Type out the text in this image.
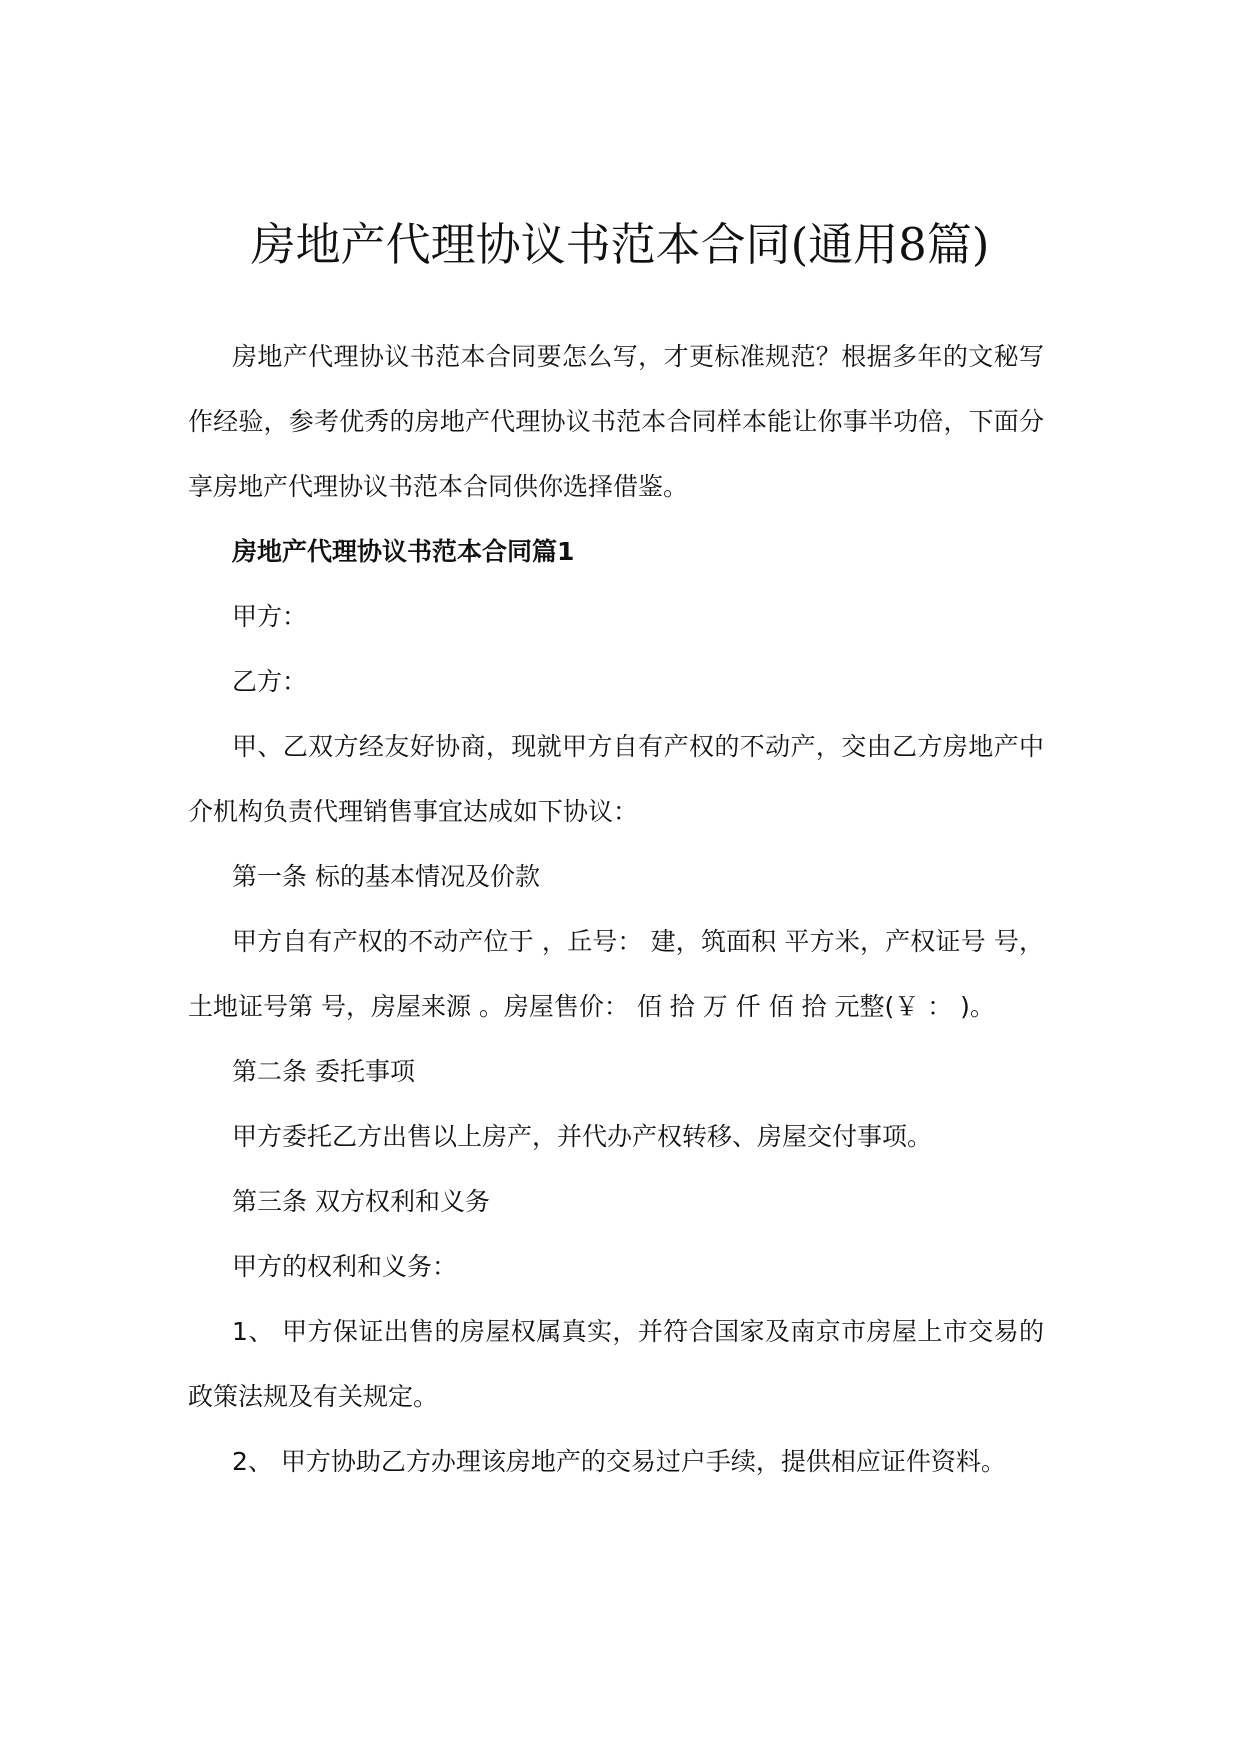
房地产代理协议书范本合同(通用8篇)

房地产代理协议书范本合同要怎么写，才更标准规范？根据多年的文秘写作经验，参考优秀的房地产代理协议书范本合同样本能让你事半功倍，下面分享房地产代理协议书范本合同供你选择借鉴。

房地产代理协议书范本合同篇1

甲方：

乙方：

甲、乙双方经友好协商，现就甲方自有产权的不动产，交由乙方房地产中介机构负责代理销售事宜达成如下协议：

第一条 标的基本情况及价款

甲方自有产权的不动产位于 ，丘号： 建，筑面积 平方米，产权证号 号，土地证号第 号，房屋来源 。房屋售价： 佰 拾 万 仟 佰 拾 元整(￥ ： )。

第二条 委托事项

甲方委托乙方出售以上房产，并代办产权转移、房屋交付事项。

第三条 双方权利和义务

甲方的权利和义务：

1、 甲方保证出售的房屋权属真实，并符合国家及南京市房屋上市交易的政策法规及有关规定。

2、 甲方协助乙方办理该房地产的交易过户手续，提供相应证件资料。
